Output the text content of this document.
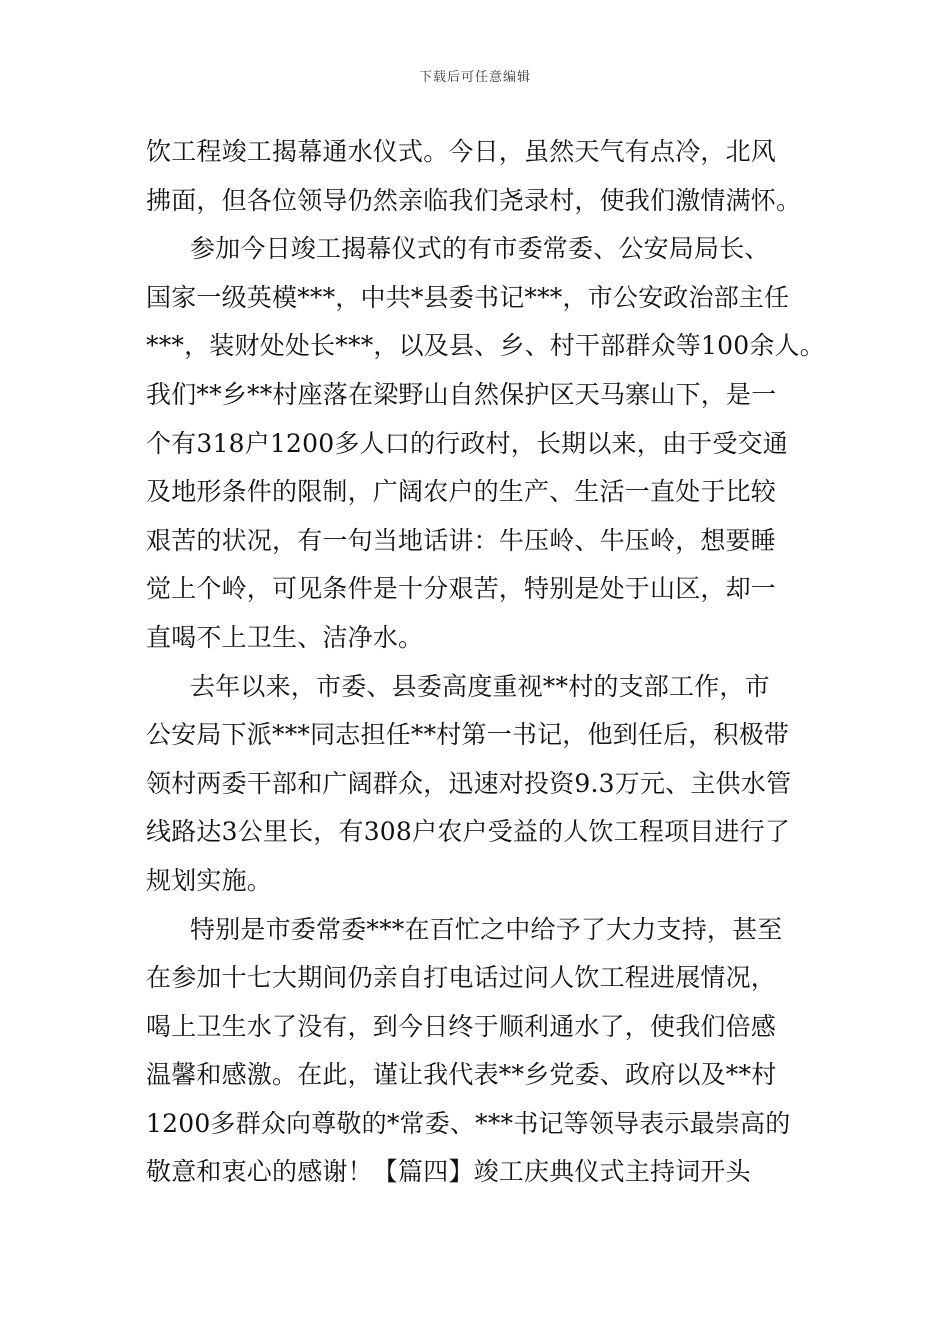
下载后可任意编辑
饮工程竣工揭幕通水仪式。今日，虽然天气有点冷，北风
拂面，但各位领导仍然亲临我们尧录村，使我们激情满怀。
参加今日竣工揭幕仪式的有市委常委、公安局局长、
国家一级英模***，中共*县委书记***，市公安政治部主任
***，装财处处长***，以及县、乡、村干部群众等100余人。
我们**乡**村座落在梁野山自然保护区天马寨山下，是一
个有318户1200多人口的行政村，长期以来，由于受交通
及地形条件的限制，广阔农户的生产、生活一直处于比较
艰苦的状况，有一句当地话讲：牛压岭、牛压岭，想要睡
觉上个岭，可见条件是十分艰苦，特别是处于山区，却一
直喝不上卫生、洁净水。
去年以来，市委、县委高度重视**村的支部工作，市
公安局下派***同志担任**村第一书记，他到任后，积极带
领村两委干部和广阔群众，迅速对投资9.3万元、主供水管
线路达3公里长，有308户农户受益的人饮工程项目进行了
规划实施。
特别是市委常委***在百忙之中给予了大力支持，甚至
在参加十七大期间仍亲自打电话过问人饮工程进展情况，
喝上卫生水了没有，到今日终于顺利通水了，使我们倍感
温馨和感激。在此，谨让我代表**乡党委、政府以及**村
1200多群众向尊敬的*常委、***书记等领导表示最崇高的
敬意和衷心的感谢！【篇四】竣工庆典仪式主持词开头
